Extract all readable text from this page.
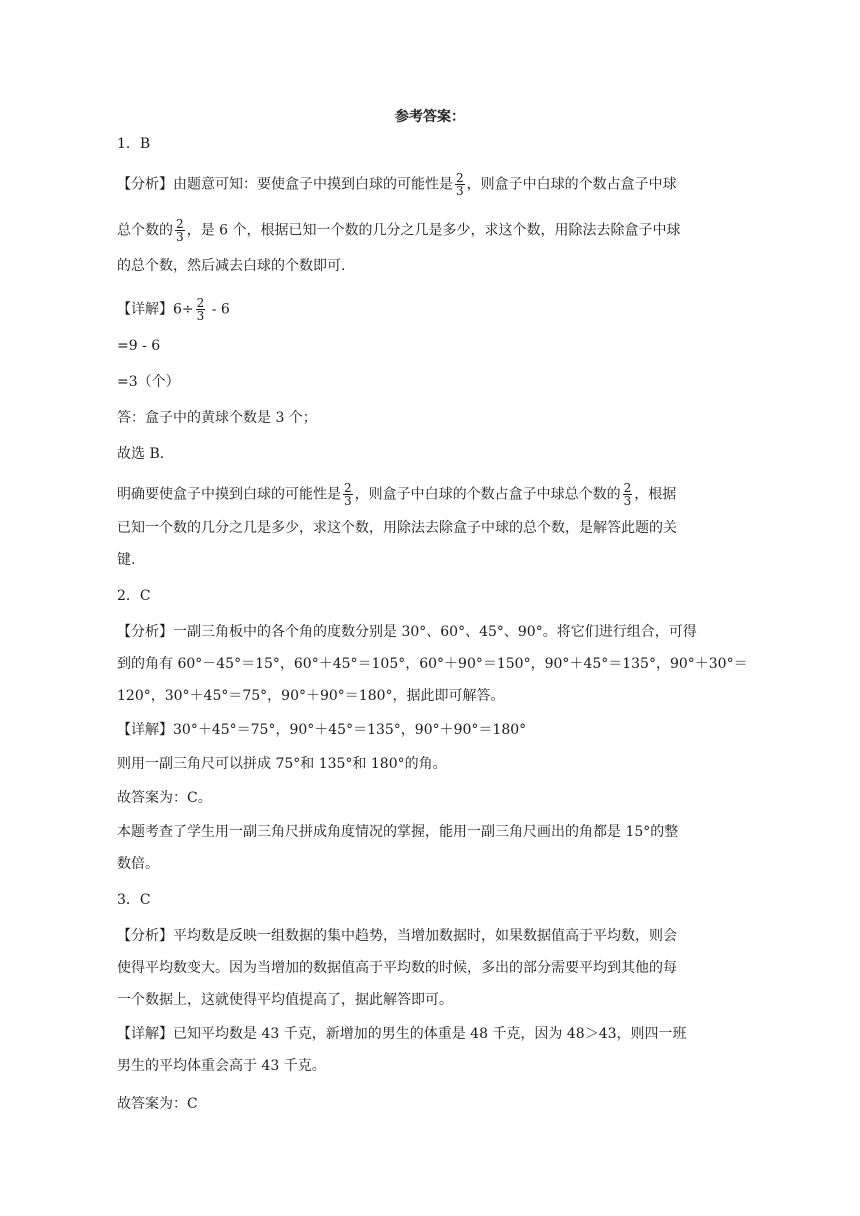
参考答案：
1．B
【分析】由题意可知：要使盒子中摸到白球的可能性是 $\frac{2}{3}$ ，则盒子中白球的个数占盒子中球
总个数的 $\frac{2}{3}$ ，是 6 个，根据已知一个数的几分之几是多少，求这个数，用除法去除盒子中球
的总个数，然后减去白球的个数即可.
【详解】$6\div \frac{2}{3}$ ‑ 6
=9 ‑ 6
=3（个）
答：盒子中的黄球个数是 3 个；
故选 B．
明确要使盒子中摸到白球的可能性是 $\frac{2}{3}$ ，则盒子中白球的个数占盒子中球总个数的 $\frac{2}{3}$ ，根据
已知一个数的几分之几是多少，求这个数，用除法去除盒子中球的总个数，是解答此题的关
键.
2．C
【分析】一副三角板中的各个角的度数分别是 30°、60°、45°、90°。将它们进行组合，可得
到的角有 60°－45°＝15°，60°＋45°＝105°，60°＋90°＝150°，90°＋45°＝135°，90°＋30°＝
120°，30°＋45°＝75°，90°＋90°＝180°，据此即可解答。
【详解】30°＋45°＝75°，90°＋45°＝135°，90°＋90°＝180°
则用一副三角尺可以拼成 75°和 135°和 180°的角。
故答案为：C。
本题考查了学生用一副三角尺拼成角度情况的掌握，能用一副三角尺画出的角都是 15°的整
数倍。
3．C
【分析】平均数是反映一组数据的集中趋势，当增加数据时，如果数据值高于平均数，则会
使得平均数变大。因为当增加的数据值高于平均数的时候，多出的部分需要平均到其他的每
一个数据上，这就使得平均值提高了，据此解答即可。
【详解】已知平均数是 43 千克，新增加的男生的体重是 48 千克，因为 48＞43，则四一班
男生的平均体重会高于 43 千克。
故答案为：C
